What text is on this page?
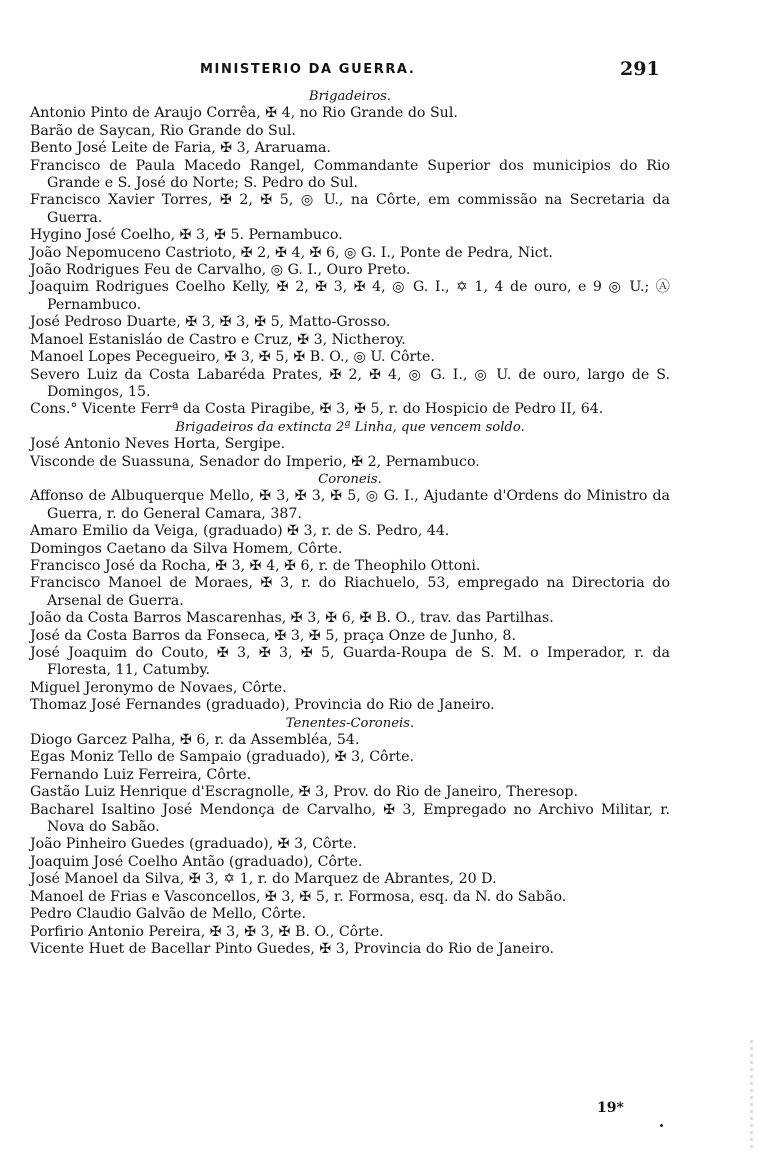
MINISTERIO DA GUERRA.	291
Brigadeiros.
Antonio Pinto de Araujo Corrêa, ✠ 4, no Rio Grande do Sul.
Barão de Saycan, Rio Grande do Sul.
Bento José Leite de Faria, ✠ 3, Araruama.
Francisco de Paula Macedo Rangel, Commandante Superior dos municipios do Rio Grande e S. José do Norte; S. Pedro do Sul.
Francisco Xavier Torres, ✠ 2, ✠ 5, ◎ U., na Côrte, em commissão na Secretaria da Guerra.
Hygino José Coelho, ✠ 3, ✠ 5. Pernambuco.
João Nepomuceno Castrioto, ✠ 2, ✠ 4, ✠ 6, ◎ G. I., Ponte de Pedra, Nict.
João Rodrigues Feu de Carvalho, ◎ G. I., Ouro Preto.
Joaquim Rodrigues Coelho Kelly, ✠ 2, ✠ 3, ✠ 4, ◎ G. I., ✡ 1, 4 de ouro, e 9 ◎ U.; Ⓐ Pernambuco.
José Pedroso Duarte, ✠ 3, ✠ 3, ✠ 5, Matto-Grosso.
Manoel Estanisláo de Castro e Cruz, ✠ 3, Nictheroy.
Manoel Lopes Pecegueiro, ✠ 3, ✠ 5, ✠ B. O., ◎ U. Côrte.
Severo Luiz da Costa Labaréda Prates, ✠ 2, ✠ 4, ◎ G. I., ◎ U. de ouro, largo de S. Domingos, 15.
Cons.° Vicente Ferrª da Costa Piragibe, ✠ 3, ✠ 5, r. do Hospicio de Pedro II, 64.
Brigadeiros da extincta 2ª Linha, que vencem soldo.
José Antonio Neves Horta, Sergipe.
Visconde de Suassuna, Senador do Imperio, ✠ 2, Pernambuco.
Coroneis.
Affonso de Albuquerque Mello, ✠ 3, ✠ 3, ✠ 5, ◎ G. I., Ajudante d'Ordens do Ministro da Guerra, r. do General Camara, 387.
Amaro Emilio da Veiga, (graduado) ✠ 3, r. de S. Pedro, 44.
Domingos Caetano da Silva Homem, Côrte.
Francisco José da Rocha, ✠ 3, ✠ 4, ✠ 6, r. de Theophilo Ottoni.
Francisco Manoel de Moraes, ✠ 3, r. do Riachuelo, 53, empregado na Directoria do Arsenal de Guerra.
João da Costa Barros Mascarenhas, ✠ 3, ✠ 6, ✠ B. O., trav. das Partilhas.
José da Costa Barros da Fonseca, ✠ 3, ✠ 5, praça Onze de Junho, 8.
José Joaquim do Couto, ✠ 3, ✠ 3, ✠ 5, Guarda-Roupa de S. M. o Imperador, r. da Floresta, 11, Catumby.
Miguel Jeronymo de Novaes, Côrte.
Thomaz José Fernandes (graduado), Provincia do Rio de Janeiro.
Tenentes-Coroneis.
Diogo Garcez Palha, ✠ 6, r. da Assembléa, 54.
Egas Moniz Tello de Sampaio (graduado), ✠ 3, Côrte.
Fernando Luiz Ferreira, Côrte.
Gastão Luiz Henrique d'Escragnolle, ✠ 3, Prov. do Rio de Janeiro, Theresop.
Bacharel Isaltino José Mendonça de Carvalho, ✠ 3, Empregado no Archivo Militar, r. Nova do Sabão.
João Pinheiro Guedes (graduado), ✠ 3, Côrte.
Joaquim José Coelho Antão (graduado), Côrte.
José Manoel da Silva, ✠ 3, ✡ 1, r. do Marquez de Abrantes, 20 D.
Manoel de Frias e Vasconcellos, ✠ 3, ✠ 5, r. Formosa, esq. da N. do Sabão.
Pedro Claudio Galvão de Mello, Côrte.
Porfirio Antonio Pereira, ✠ 3, ✠ 3, ✠ B. O., Côrte.
Vicente Huet de Bacellar Pinto Guedes, ✠ 3, Provincia do Rio de Janeiro.
19*
